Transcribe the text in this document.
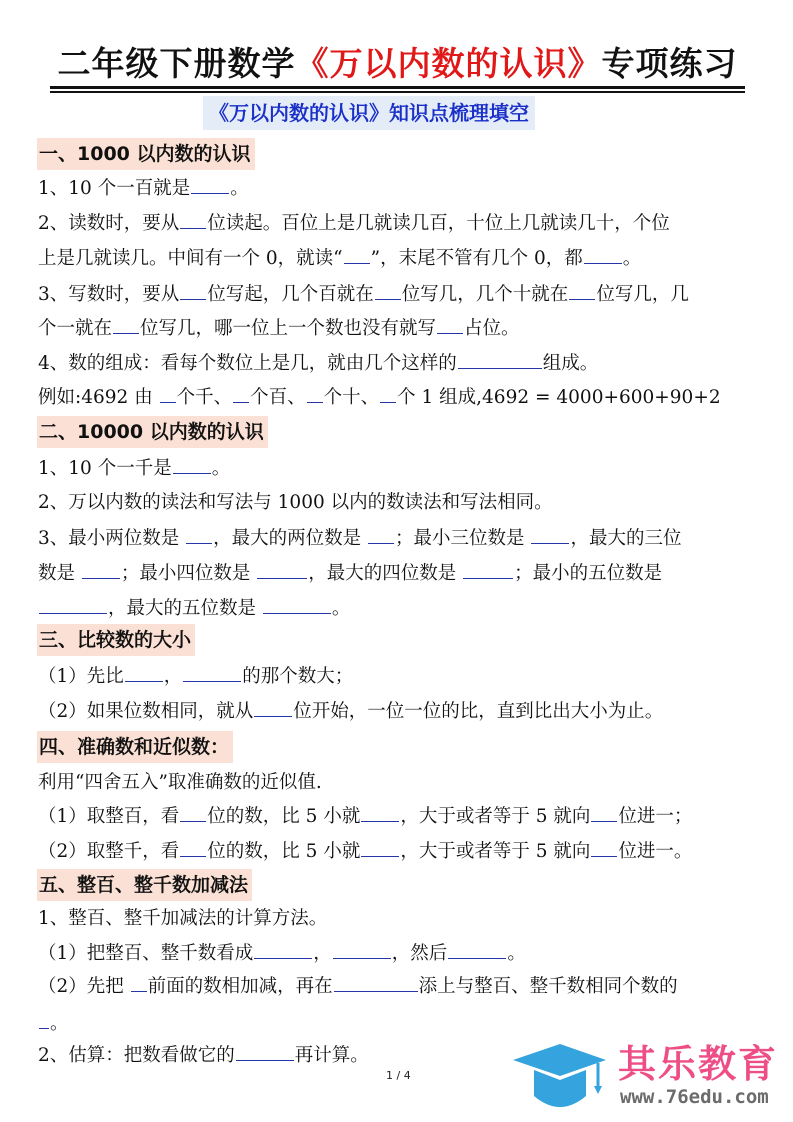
二年级下册数学《万以内数的认识》专项练习
《万以内数的认识》知识点梳理填空
一、1000 以内数的认识
1、10 个一百就是 。
2、读数时，要从 位读起。百位上是几就读几百，十位上几就读几十，个位
上是几就读几。中间有一个 0，就读“ ”，末尾不管有几个 0，都 。
3、写数时，要从 位写起，几个百就在 位写几，几个十就在 位写几，几
个一就在 位写几，哪一位上一个数也没有就写 占位。
4、数的组成：看每个数位上是几，就由几个这样的	组成。
例如:4692 由 个千、 个百、 个十、 个 1 组成,4692 = 4000+600+90+2
二、10000 以内数的认识
1、10 个一千是 。
2、万以内数的读法和写法与 1000 以内的数读法和写法相同。
3、最小两位数是 ，最大的两位数是 ；最小三位数是 ，最大的三位
数是 ；最小四位数是	，最大的四位数是	；最小的五位数是
，最大的五位数是	。
三、比较数的大小
（1）先比 ，	的那个数大；
（2）如果位数相同，就从 位开始，一位一位的比，直到比出大小为止。
四、准确数和近似数：
利用“四舍五入”取准确数的近似值.
（1）取整百，看 位的数，比 5 小就 ，大于或者等于 5 就向 位进一；
（2）取整千，看 位的数，比 5 小就 ，大于或者等于 5 就向 位进一。
五、整百、整千数加减法
1、整百、整千加减法的计算方法。
（1）把整百、整千数看成	，	，然后	。
（2）先把 前面的数相加减，再在	添上与整百、整千数相同个数的
。
2、估算：把数看做它的	再计算。
1 / 4	其乐教育
www.76edu.com
